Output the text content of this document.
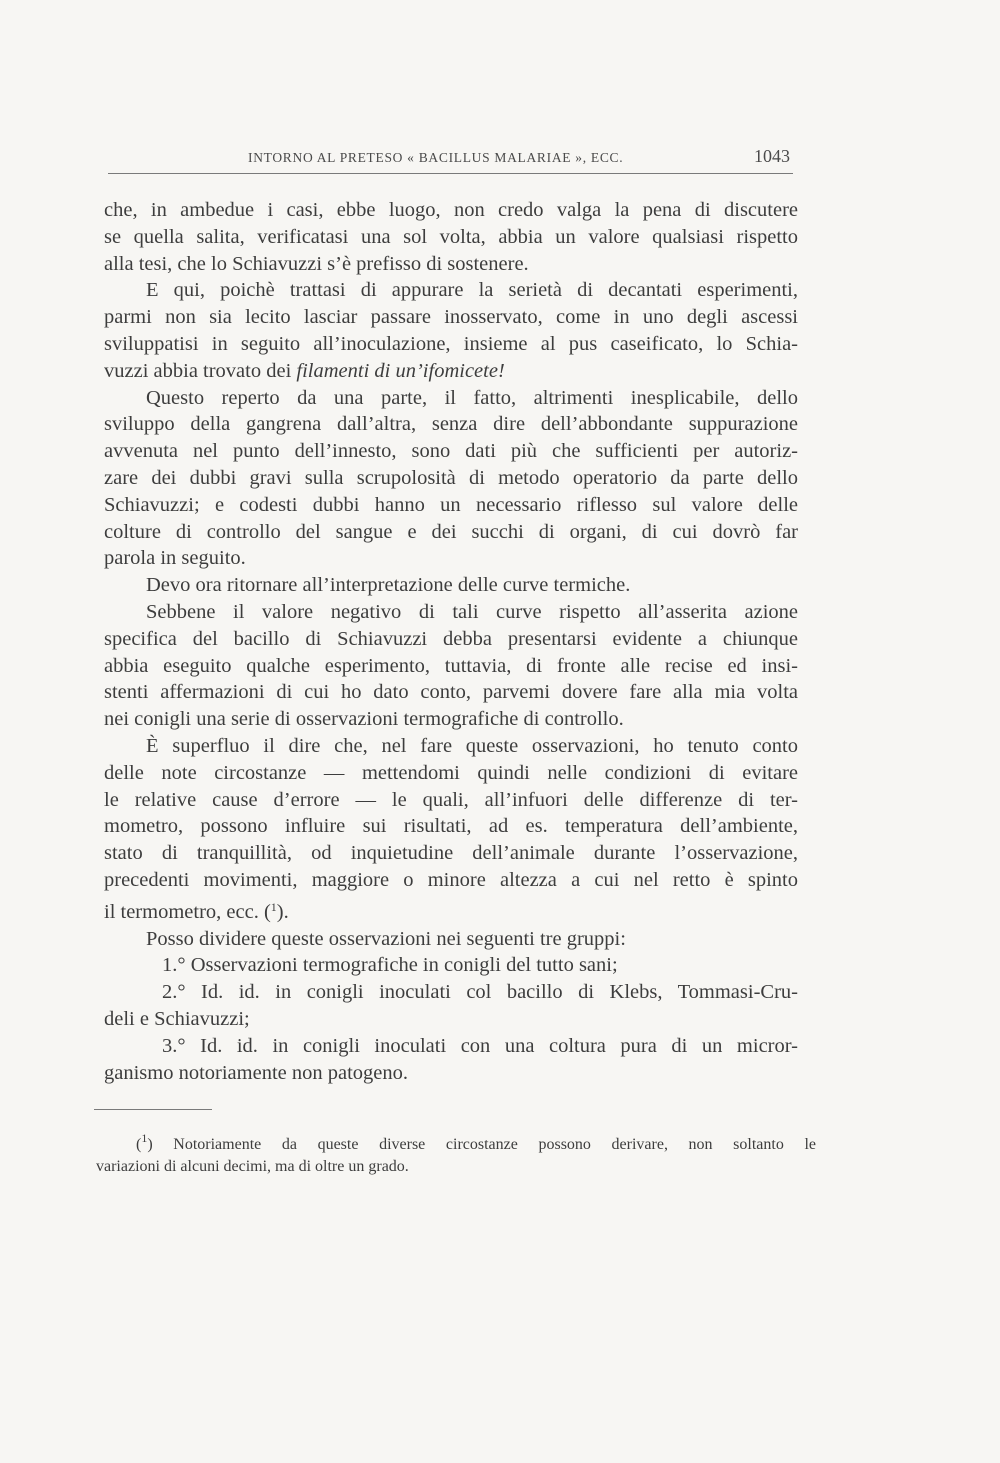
INTORNO AL PRETESO « BACILLUS MALARIAE », ECC.	1043
che, in ambedue i casi, ebbe luogo, non credo valga la pena di discutere
se quella salita, verificatasi una sol volta, abbia un valore qualsiasi rispetto
alla tesi, che lo Schiavuzzi s’è prefisso di sostenere.
E qui, poichè trattasi di appurare la serietà di decantati esperimenti,
parmi non sia lecito lasciar passare inosservato, come in uno degli ascessi
sviluppatisi in seguito all’inoculazione, insieme al pus caseificato, lo Schia-
vuzzi abbia trovato dei filamenti di un’ifomicete!
Questo reperto da una parte, il fatto, altrimenti inesplicabile, dello
sviluppo della gangrena dall’altra, senza dire dell’abbondante suppurazione
avvenuta nel punto dell’innesto, sono dati più che sufficienti per autoriz-
zare dei dubbi gravi sulla scrupolosità di metodo operatorio da parte dello
Schiavuzzi; e codesti dubbi hanno un necessario riflesso sul valore delle
colture di controllo del sangue e dei succhi di organi, di cui dovrò far
parola in seguito.
Devo ora ritornare all’interpretazione delle curve termiche.
Sebbene il valore negativo di tali curve rispetto all’asserita azione
specifica del bacillo di Schiavuzzi debba presentarsi evidente a chiunque
abbia eseguito qualche esperimento, tuttavia, di fronte alle recise ed insi-
stenti affermazioni di cui ho dato conto, parvemi dovere fare alla mia volta
nei conigli una serie di osservazioni termografiche di controllo.
È superfluo il dire che, nel fare queste osservazioni, ho tenuto conto
delle note circostanze — mettendomi quindi nelle condizioni di evitare
le relative cause d’errore — le quali, all’infuori delle differenze di ter-
mometro, possono influire sui risultati, ad es. temperatura dell’ambiente,
stato di tranquillità, od inquietudine dell’animale durante l’osservazione,
precedenti movimenti, maggiore o minore altezza a cui nel retto è spinto
il termometro, ecc. ($^1$).
Posso dividere queste osservazioni nei seguenti tre gruppi:
1.° Osservazioni termografiche in conigli del tutto sani;
2.° Id. id. in conigli inoculati col bacillo di Klebs, Tommasi-Cru-
deli e Schiavuzzi;
3.° Id. id. in conigli inoculati con una coltura pura di un micror-
ganismo notoriamente non patogeno.
($^1$) Notoriamente da queste diverse circostanze possono derivare, non soltanto le
variazioni di alcuni decimi, ma di oltre un grado.
